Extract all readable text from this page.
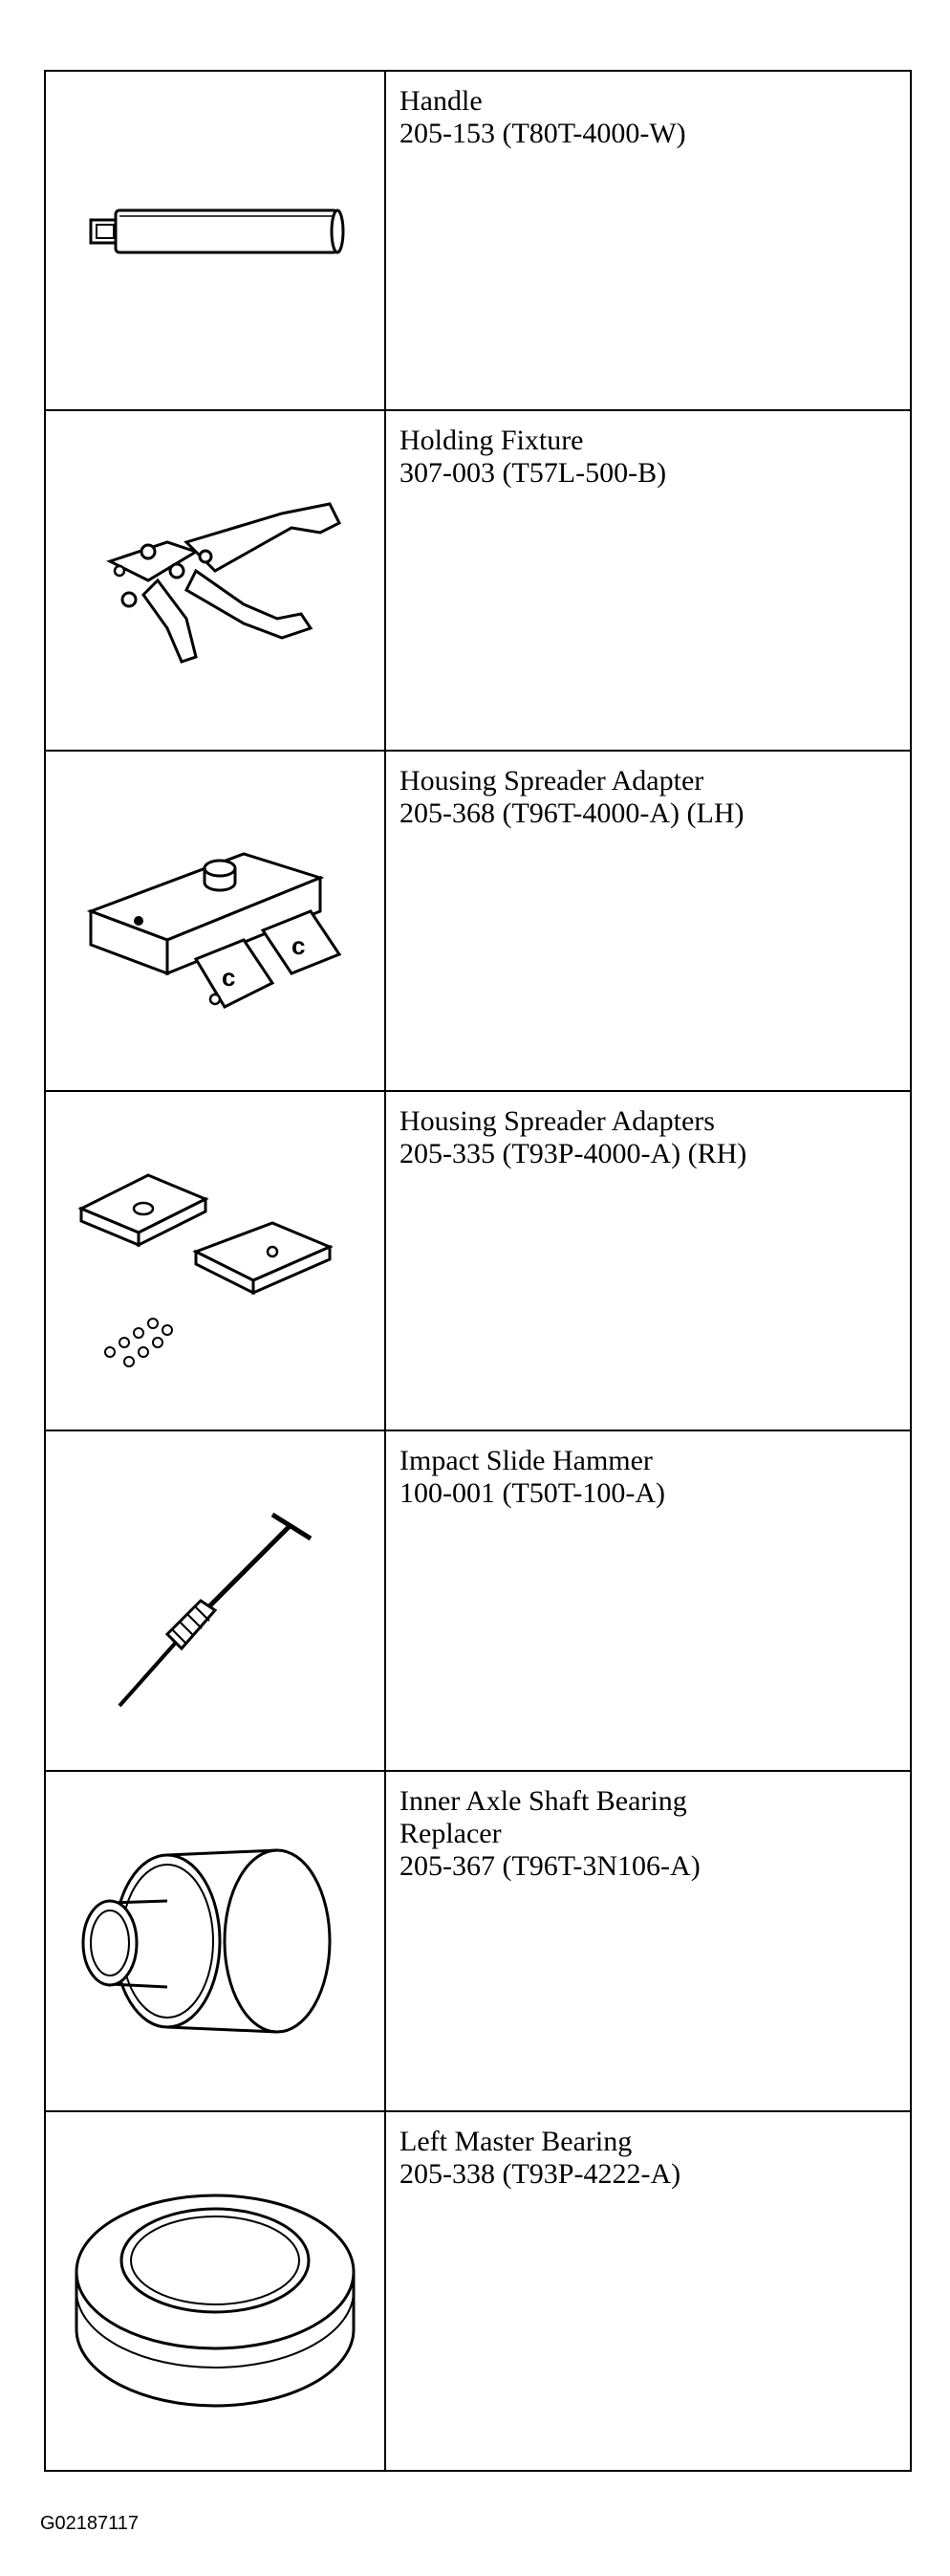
Handle

205-153 (T80T-4000-W)

Holding Fixture

307-003 (T57L-500-B)

c
c

Housing Spreader Adapter

205-368 (T96T-4000-A) (LH)

Housing Spreader Adapters

205-335 (T93P-4000-A) (RH)

Impact Slide Hammer

100-001 (T50T-100-A)

Inner Axle Shaft Bearing

Replacer

205-367 (T96T-3N106-A)

Left Master Bearing

205-338 (T93P-4222-A)

G02187117
